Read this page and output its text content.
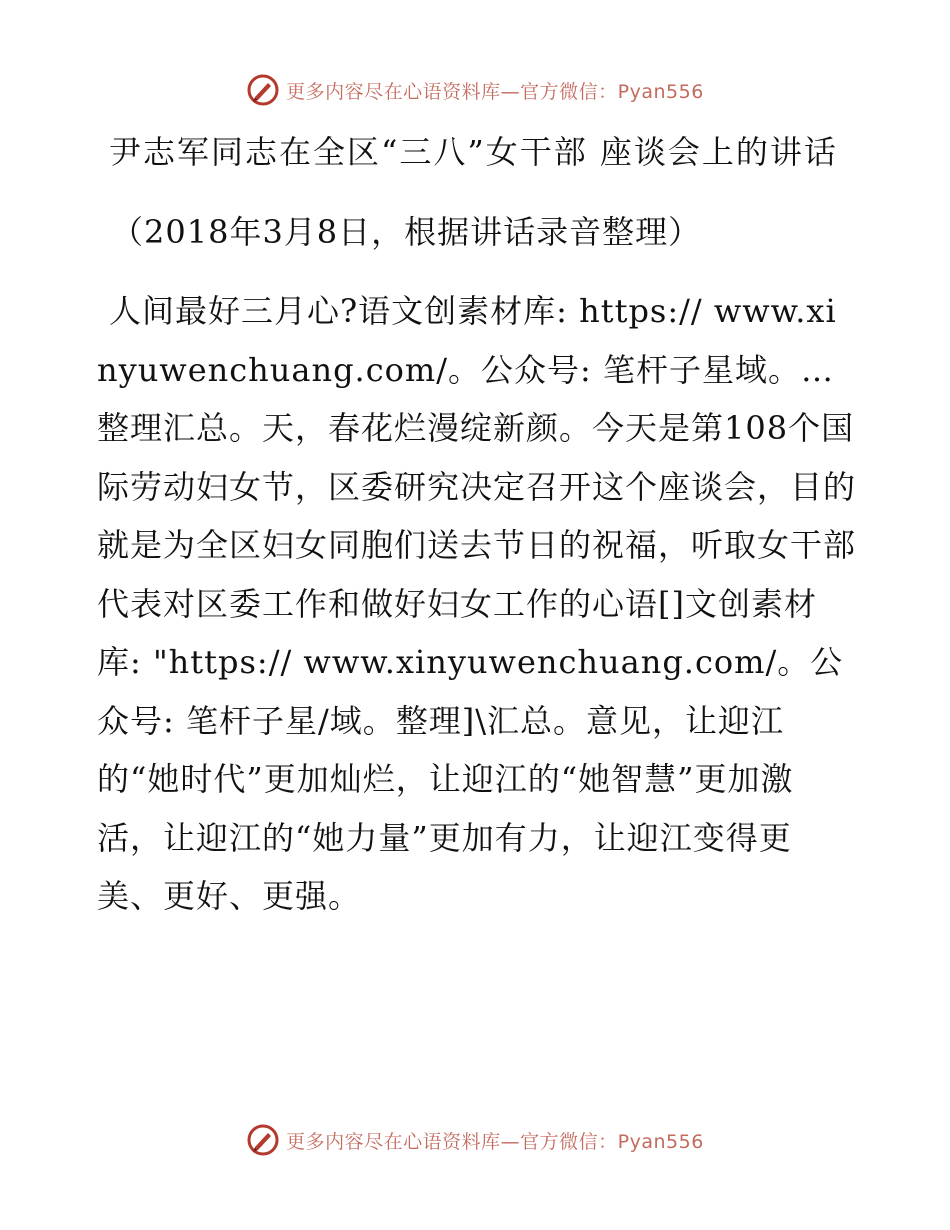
更多内容尽在心语资料库—官方微信：Pyan556
尹志军同志在全区“三八”女干部 座谈会上的讲话

（2018年3月8日，根据讲话录音整理）

人间最好三月心?语文创素材库: https:// www.xinyuwenchuang.com/。公众号: 笔杆子星域。…整理汇总。天，春花烂漫绽新颜。今天是第108个国际劳动妇女节，区委研究决定召开这个座谈会，目的就是为全区妇女同胞们送去节日的祝福，听取女干部代表对区委工作和做好妇女工作的心语[]文创素材库: "https:// www.xinyuwenchuang.com/。公众号: 笔杆子星/域。整理]\汇总。意见，让迎江的“她时代”更加灿烂，让迎江的“她智慧”更加激活，让迎江的“她力量”更加有力，让迎江变得更美、更好、更强。

更多内容尽在心语资料库—官方微信：Pyan556
